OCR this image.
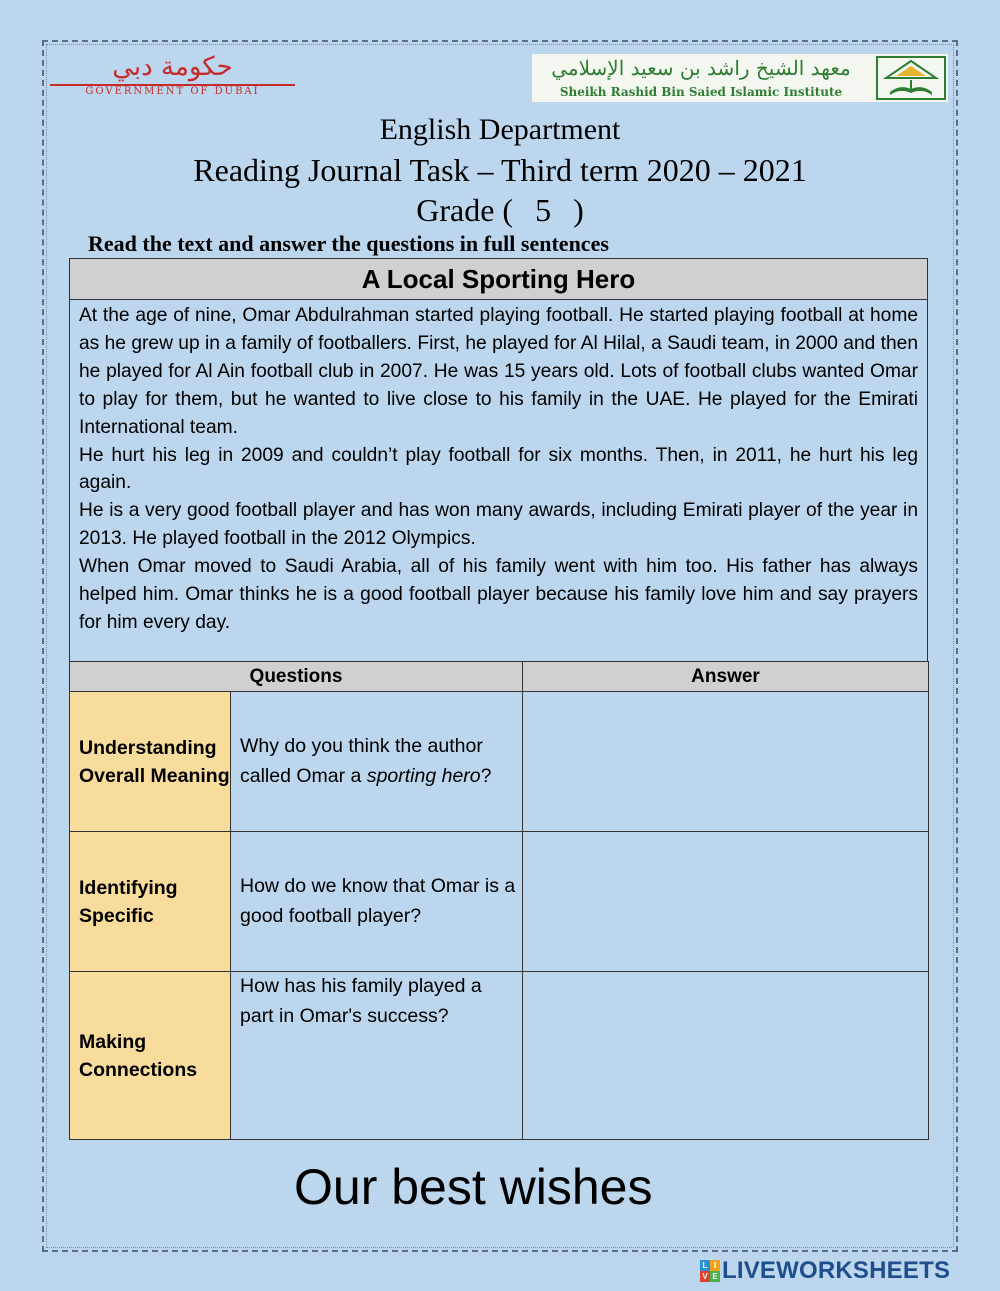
حكومة دبي
GOVERNMENT OF DUBAI
معهد الشيخ راشد بن سعيد الإسلامي
Sheikh Rashid Bin Saied Islamic Institute
English Department
Reading Journal Task – Third term 2020 – 2021
Grade ( 5 )
Read the text and answer the questions in full sentences
A Local Sporting Hero

At the age of nine, Omar Abdulrahman started playing football. He started playing football at home as he grew up in a family of footballers. First, he played for Al Hilal, a Saudi team, in 2000 and then he played for Al Ain football club in 2007. He was 15 years old. Lots of football clubs wanted Omar to play for them, but he wanted to live close to his family in the UAE. He played for the Emirati International team.

He hurt his leg in 2009 and couldn’t play football for six months. Then, in 2011, he hurt his leg again.

He is a very good football player and has won many awards, including Emirati player of the year in 2013. He played football in the 2012 Olympics.

When Omar moved to Saudi Arabia, all of his family went with him too. His father has always helped him. Omar thinks he is a good football player because his family love him and say prayers for him every day.

Questions		Answer
Understanding Overall Meaning	Why do you think the author called Omar a sporting hero?	
Identifying Specific	How do we know that Omar is a good football player?	
Making Connections	How has his family played a part in Omar's success?	
Our best wishes
L I
V E LIVEWORKSHEETS
